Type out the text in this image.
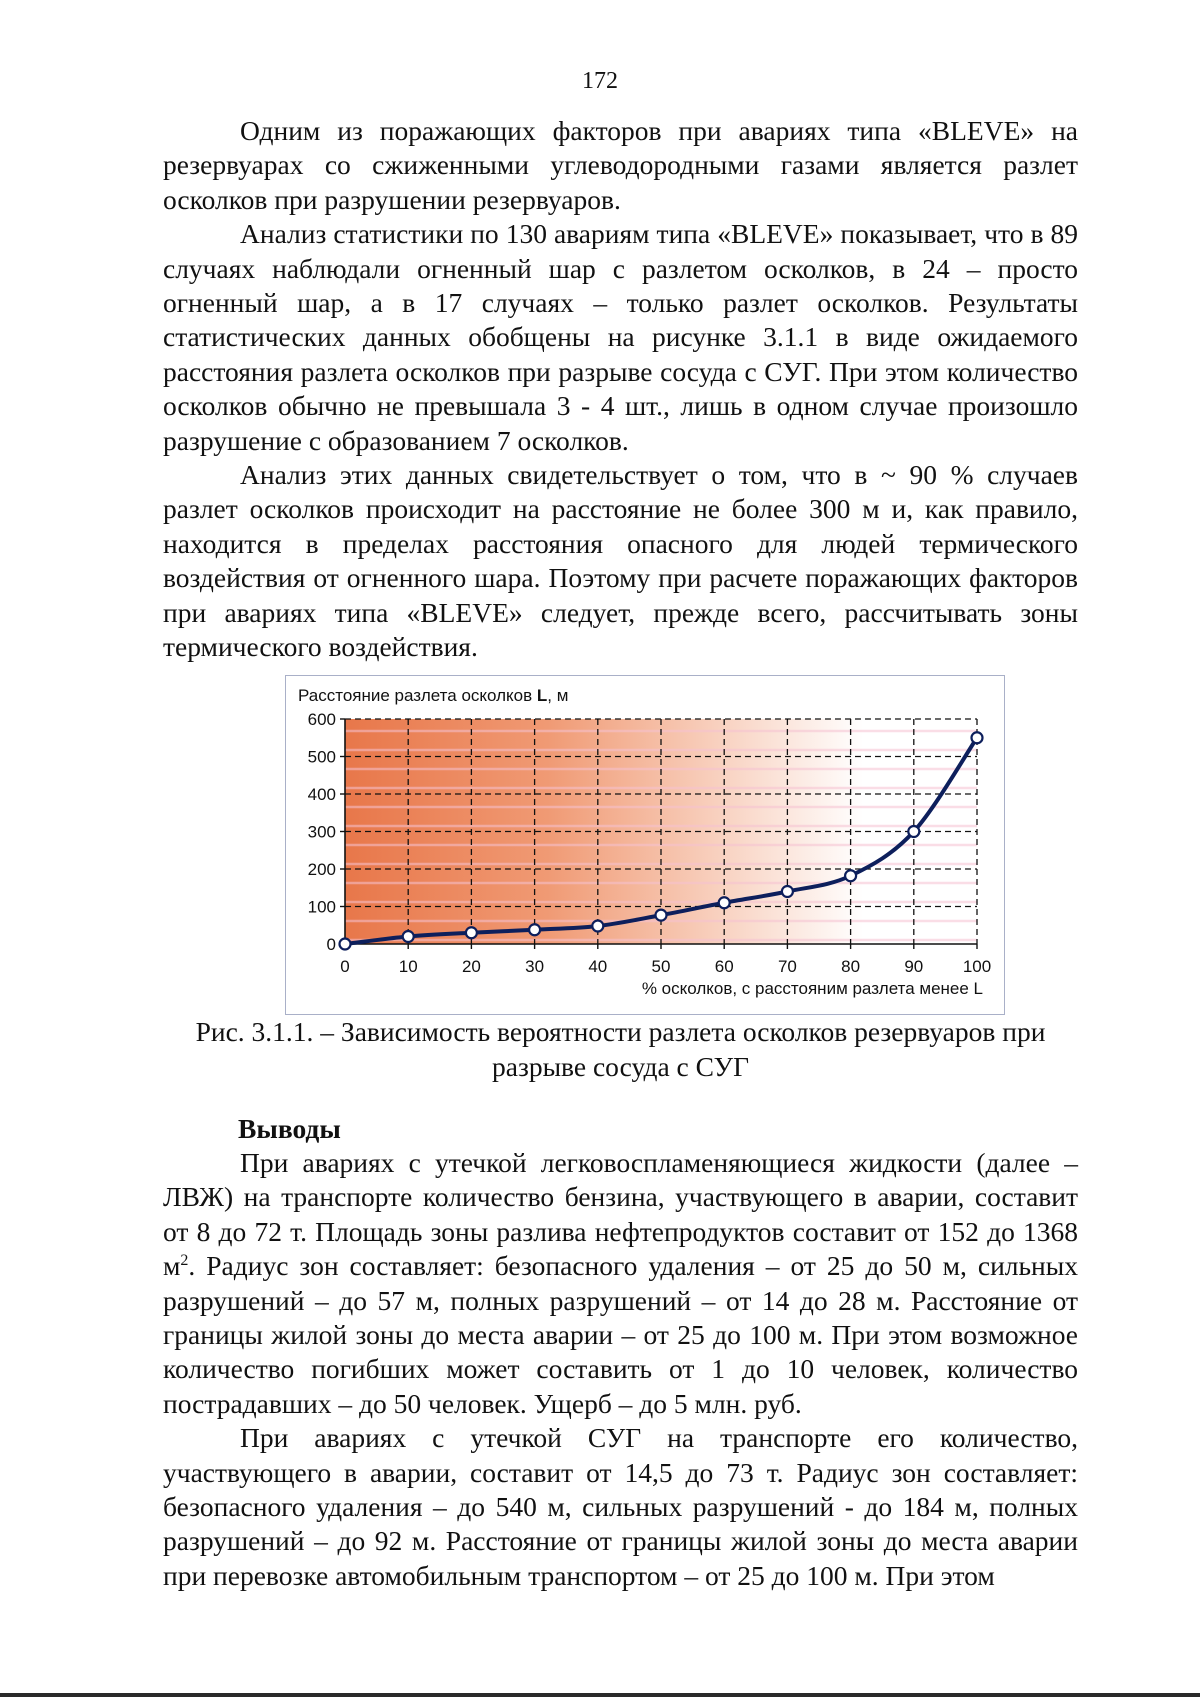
172

Одним из поражающих факторов при авариях типа «BLEVE» на резервуарах со сжиженными углеводородными газами является разлет осколков при разрушении резервуаров.

Анализ статистики по 130 авариям типа «BLEVE» показывает, что в 89 случаях наблюдали огненный шар с разлетом осколков, в 24 – просто огненный шар, а в 17 случаях – только разлет осколков. Результаты статистических данных обобщены на рисунке 3.1.1 в виде ожидаемого расстояния разлета осколков при разрыве сосуда с СУГ. При этом количество осколков обычно не превышала 3 - 4 шт., лишь в одном случае произошло разрушение с образованием 7 осколков.

Анализ этих данных свидетельствует о том, что в ~ 90 % случаев разлет осколков происходит на расстояние не более 300 м и, как правило, находится в пределах расстояния опасного для людей термического воздействия от огненного шара. Поэтому при расчете поражающих факторов при авариях типа «BLEVE» следует, прежде всего, рассчитывать зоны термического воздействия.

0
100
200
300
400
500
600
0	10	20	30	40	50	60	70	80	90 100
% осколков, с расстояним разлета менее L
Расстояние разлета осколков L, м
Рис. 3.1.1. – Зависимость вероятности разлета осколков резервуаров при
разрыве сосуда с СУГ
Выводы

При авариях с утечкой легковоспламеняющиеся жидкости (далее – ЛВЖ) на транспорте количество бензина, участвующего в аварии, составит от 8 до 72 т. Площадь зоны разлива нефтепродуктов составит от 152 до 1368 $м^2$. Радиус зон составляет: безопасного удаления – от 25 до 50 м, сильных разрушений – до 57 м, полных разрушений – от 14 до 28 м. Расстояние от границы жилой зоны до места аварии – от 25 до 100 м. При этом возможное количество погибших может составить от 1 до 10 человек, количество пострадавших – до 50 человек. Ущерб – до 5 млн. руб.

При авариях с утечкой СУГ на транспорте его количество, участвующего в аварии, составит от 14,5 до 73 т. Радиус зон составляет: безопасного удаления – до 540 м, сильных разрушений - до 184 м, полных разрушений – до 92 м. Расстояние от границы жилой зоны до места аварии при перевозке автомобильным транспортом – от 25 до 100 м. При этом
